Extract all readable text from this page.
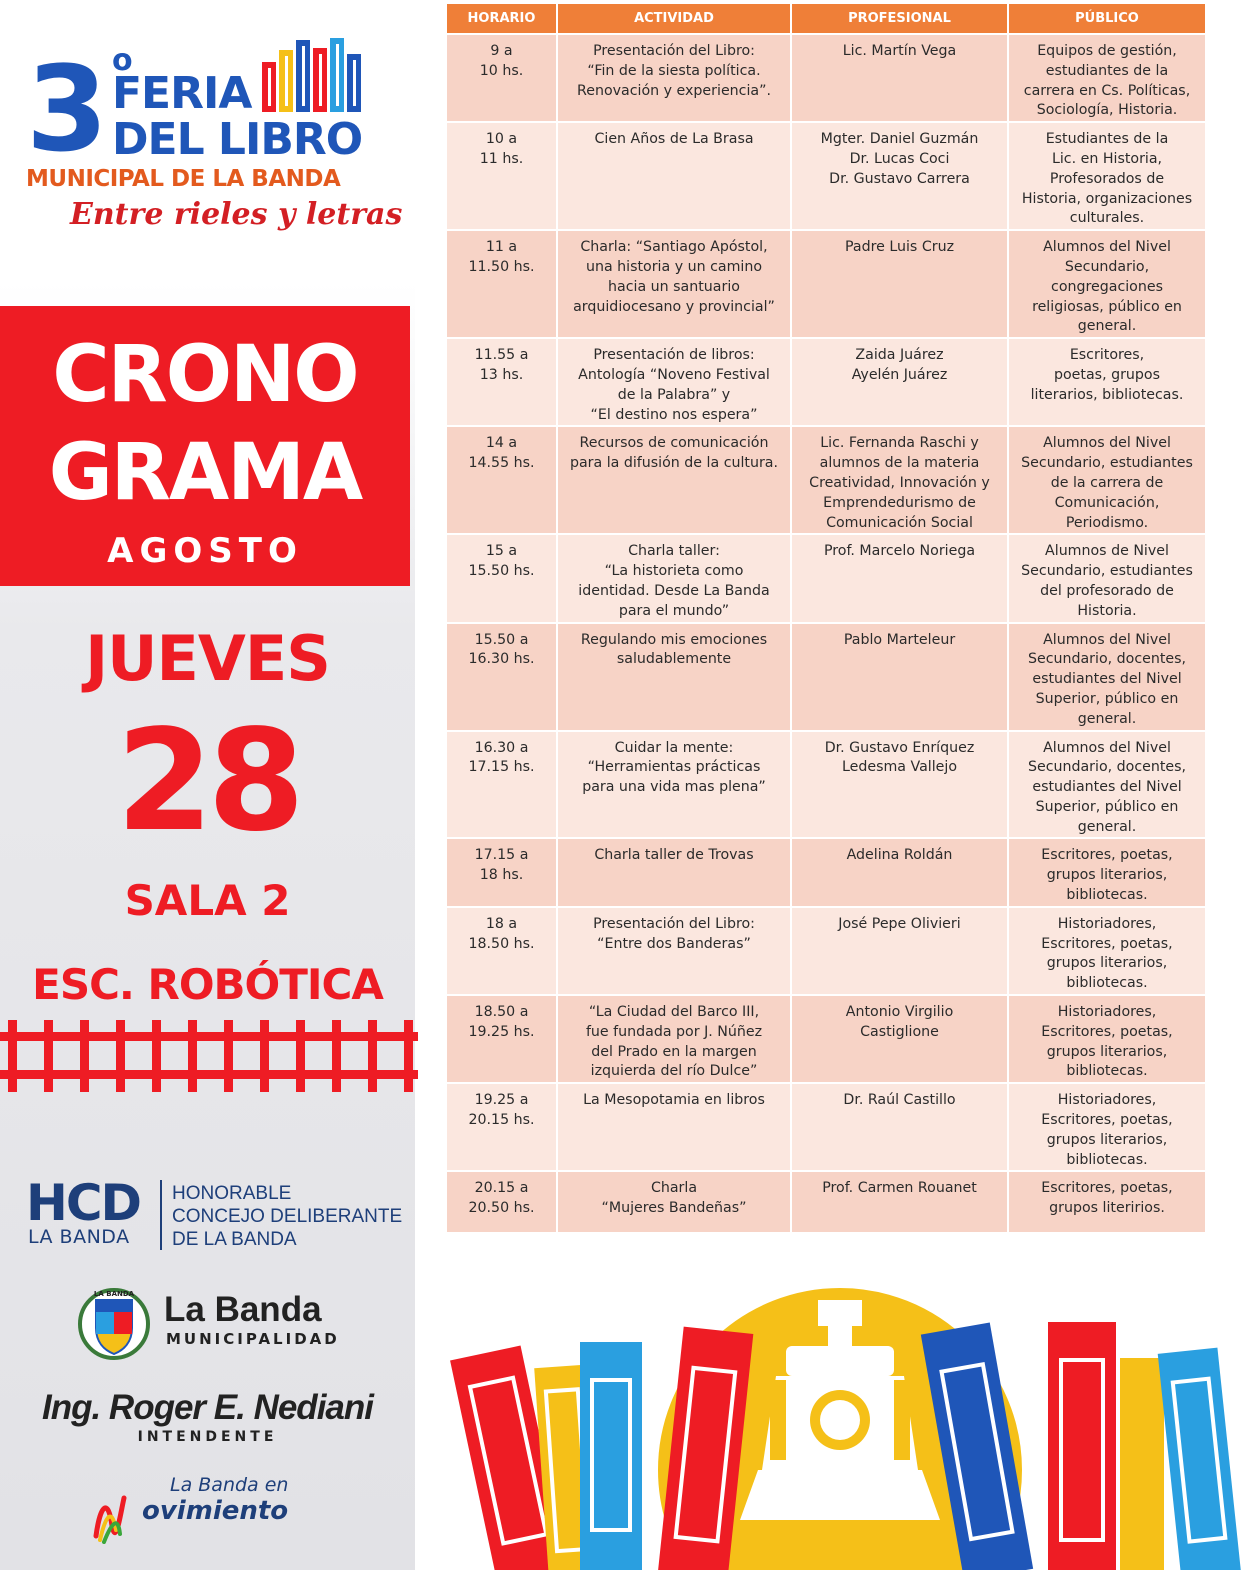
3 o
FERIA
DEL LIBRO
MUNICIPAL DE LA BANDA
Entre rieles y letras
CRONO
GRAMA
AGOSTO
JUEVES
28
SALA 2
ESC. ROBÓTICA
HCD
LA BANDA
HONORABLE
CONCEJO DELIBERANTE
DE LA BANDA
LA BANDA La Banda
MUNICIPALIDAD
Ing. Roger E. Nediani
INTENDENTE
La Banda en
ovimiento
HORARIO	ACTIVIDAD	PROFESIONAL	PÚBLICO
9 a
10 hs.	Presentación del Libro:
“Fin de la siesta política.
Renovación y experiencia”.	Lic. Martín Vega	Equipos de gestión,
estudiantes de la
carrera en Cs. Políticas,
Sociología, Historia.
10 a
11 hs.	Cien Años de La Brasa	Mgter. Daniel Guzmán
Dr. Lucas Coci
Dr. Gustavo Carrera	Estudiantes de la
Lic. en Historia,
Profesorados de
Historia, organizaciones
culturales.
11 a
11.50 hs.	Charla: “Santiago Apóstol,
una historia y un camino
hacia un santuario
arquidiocesano y provincial”	Padre Luis Cruz	Alumnos del Nivel
Secundario,
congregaciones
religiosas, público en
general.
11.55 a
13 hs.	Presentación de libros:
Antología “Noveno Festival
de la Palabra” y
“El destino nos espera”	Zaida Juárez
Ayelén Juárez	Escritores,
poetas, grupos
literarios, bibliotecas.
14 a
14.55 hs.	Recursos de comunicación
para la difusión de la cultura.	Lic. Fernanda Raschi y
alumnos de la materia
Creatividad, Innovación y
Emprendedurismo de
Comunicación Social	Alumnos del Nivel
Secundario, estudiantes
de la carrera de
Comunicación,
Periodismo.
15 a
15.50 hs.	Charla taller:
“La historieta como
identidad. Desde La Banda
para el mundo”	Prof. Marcelo Noriega	Alumnos de Nivel
Secundario, estudiantes
del profesorado de
Historia.
15.50 a
16.30 hs.	Regulando mis emociones
saludablemente	Pablo Marteleur	Alumnos del Nivel
Secundario, docentes,
estudiantes del Nivel
Superior, público en
general.
16.30 a
17.15 hs.	Cuidar la mente:
“Herramientas prácticas
para una vida mas plena”	Dr. Gustavo Enríquez
Ledesma Vallejo	Alumnos del Nivel
Secundario, docentes,
estudiantes del Nivel
Superior, público en
general.
17.15 a
18 hs.	Charla taller de Trovas	Adelina Roldán	Escritores, poetas,
grupos literarios,
bibliotecas.
18 a
18.50 hs.	Presentación del Libro:
“Entre dos Banderas”	José Pepe Olivieri	Historiadores,
Escritores, poetas,
grupos literarios,
bibliotecas.
18.50 a
19.25 hs.	“La Ciudad del Barco III,
fue fundada por J. Núñez
del Prado en la margen
izquierda del río Dulce”	Antonio Virgilio
Castiglione	Historiadores,
Escritores, poetas,
grupos literarios,
bibliotecas.
19.25 a
20.15 hs.	La Mesopotamia en libros	Dr. Raúl Castillo	Historiadores,
Escritores, poetas,
grupos literarios,
bibliotecas.
20.15 a
20.50 hs.	Charla
“Mujeres Bandeñas”	Prof. Carmen Rouanet	Escritores, poetas,
grupos literirios.
